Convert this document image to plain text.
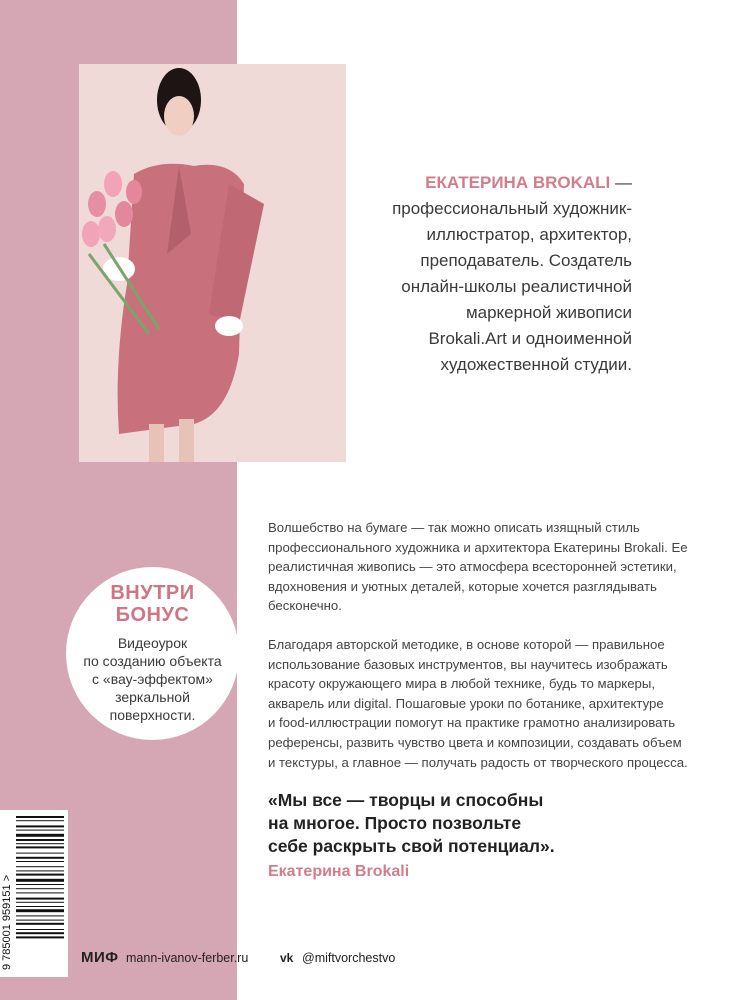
ЕКАТЕРИНА BROKALI —
профессиональный художник-
иллюстратор, архитектор,
преподаватель. Создатель
онлайн-школы реалистичной
маркерной живописи
Brokali.Art и одноименной
художественной студии.

Волшебство на бумаге — так можно описать изящный стиль
профессионального художника и архитектора Екатерины Brokali. Ее
реалистичная живопись — это атмосфера всесторонней эстетики,
вдохновения и уютных деталей, которые хочется разглядывать
бесконечно.

Благодаря авторской методике, в основе которой — правильное
использование базовых инструментов, вы научитесь изображать
красоту окружающего мира в любой технике, будь то маркеры,
акварель или digital. Пошаговые уроки по ботанике, архитектуре
и food-иллюстрации помогут на практике грамотно анализировать
референсы, развить чувство цвета и композиции, создавать объем
и текстуры, а главное — получать радость от творческого процесса.

ВНУТРИ
БОНУС
Видеоурок
по созданию объекта
с «вау-эффектом»
зеркальной
поверхности.
«Мы все — творцы и способны
на многое. Просто позвольте
себе раскрыть свой потенциал».
Екатерина Brokali
9 785001 959151 >	МИФ mann-ivanov-ferber.ru	vk @miftvorchestvo
